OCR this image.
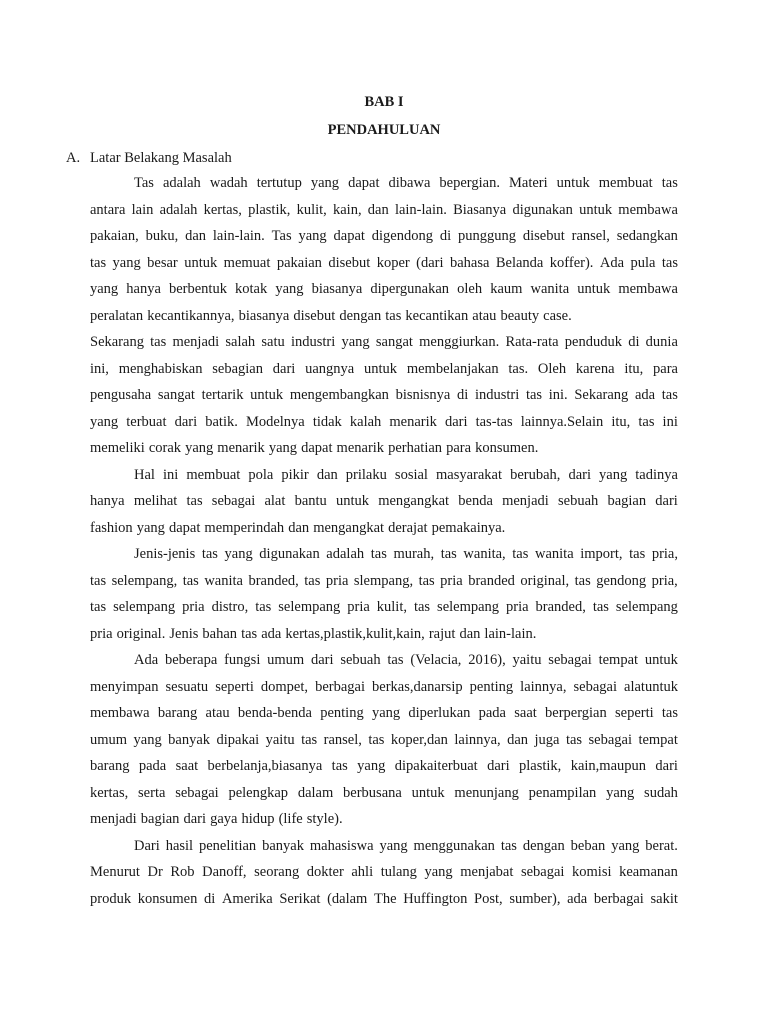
BAB I
PENDAHULUAN
A. Latar Belakang Masalah
Tas adalah wadah tertutup yang dapat dibawa bepergian. Materi untuk membuat tas
antara lain adalah kertas, plastik, kulit, kain, dan lain-lain. Biasanya digunakan untuk membawa
pakaian, buku, dan lain-lain. Tas yang dapat digendong di punggung disebut ransel, sedangkan
tas yang besar untuk memuat pakaian disebut koper (dari bahasa Belanda koffer). Ada pula tas
yang hanya berbentuk kotak yang biasanya dipergunakan oleh kaum wanita untuk membawa
peralatan kecantikannya, biasanya disebut dengan tas kecantikan atau beauty case.
Sekarang tas menjadi salah satu industri yang sangat menggiurkan. Rata-rata penduduk di dunia
ini, menghabiskan sebagian dari uangnya untuk membelanjakan tas. Oleh karena itu, para
pengusaha sangat tertarik untuk mengembangkan bisnisnya di industri tas ini. Sekarang ada tas
yang terbuat dari batik. Modelnya tidak kalah menarik dari tas-tas lainnya.Selain itu, tas ini
memeliki corak yang menarik yang dapat menarik perhatian para konsumen.
Hal ini membuat pola pikir dan prilaku sosial masyarakat berubah, dari yang tadinya
hanya melihat tas sebagai alat bantu untuk mengangkat benda menjadi sebuah bagian dari
fashion yang dapat memperindah dan mengangkat derajat pemakainya.
Jenis-jenis tas yang digunakan adalah tas murah, tas wanita, tas wanita import, tas pria,
tas selempang, tas wanita branded, tas pria slempang, tas pria branded original, tas gendong pria,
tas selempang pria distro, tas selempang pria kulit, tas selempang pria branded, tas selempang
pria original. Jenis bahan tas ada kertas,plastik,kulit,kain, rajut dan lain-lain.
Ada beberapa fungsi umum dari sebuah tas (Velacia, 2016), yaitu sebagai tempat untuk
menyimpan sesuatu seperti dompet, berbagai berkas,danarsip penting lainnya, sebagai alatuntuk
membawa barang atau benda-benda penting yang diperlukan pada saat berpergian seperti tas
umum yang banyak dipakai yaitu tas ransel, tas koper,dan lainnya, dan juga tas sebagai tempat
barang pada saat berbelanja,biasanya tas yang dipakaiterbuat dari plastik, kain,maupun dari
kertas, serta sebagai pelengkap dalam berbusana untuk menunjang penampilan yang sudah
menjadi bagian dari gaya hidup (life style).
Dari hasil penelitian banyak mahasiswa yang menggunakan tas dengan beban yang berat.
Menurut Dr Rob Danoff, seorang dokter ahli tulang yang menjabat sebagai komisi keamanan
produk konsumen di Amerika Serikat (dalam The Huffington Post, sumber), ada berbagai sakit
